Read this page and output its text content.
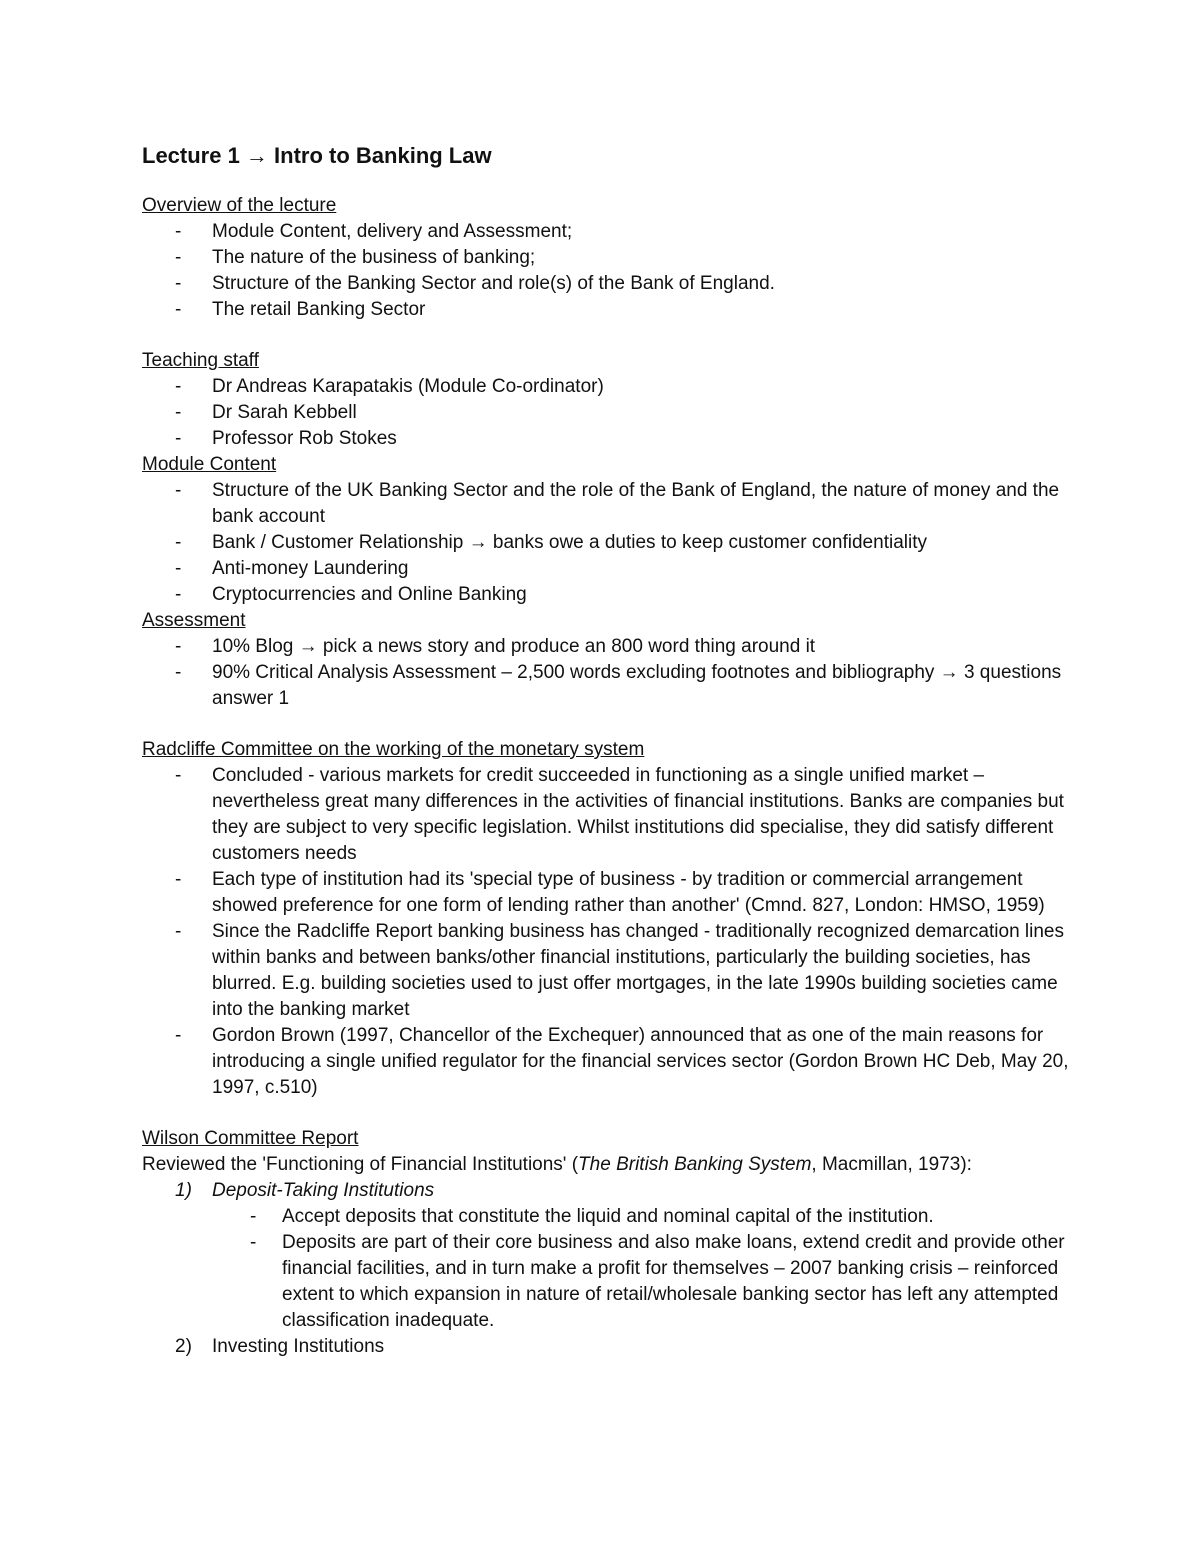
Lecture 1 → Intro to Banking Law
Overview of the lecture
- Module Content, delivery and Assessment;
- The nature of the business of banking;
- Structure of the Banking Sector and role(s) of the Bank of England.
- The retail Banking Sector
Teaching staff
- Dr Andreas Karapatakis (Module Co-ordinator)
- Dr Sarah Kebbell
- Professor Rob Stokes
Module Content
- Structure of the UK Banking Sector and the role of the Bank of England, the nature of money and the bank account
- Bank / Customer Relationship → banks owe a duties to keep customer confidentiality
- Anti-money Laundering
- Cryptocurrencies and Online Banking
Assessment
- 10% Blog → pick a news story and produce an 800 word thing around it
- 90% Critical Analysis Assessment – 2,500 words excluding footnotes and bibliography → 3 questions answer 1
Radcliffe Committee on the working of the monetary system
- Concluded - various markets for credit succeeded in functioning as a single unified market – nevertheless great many differences in the activities of financial institutions. Banks are companies but they are subject to very specific legislation. Whilst institutions did specialise, they did satisfy different customers needs
- Each type of institution had its 'special type of business - by tradition or commercial arrangement showed preference for one form of lending rather than another' (Cmnd. 827, London: HMSO, 1959)
- Since the Radcliffe Report banking business has changed - traditionally recognized demarcation lines within banks and between banks/other financial institutions, particularly the building societies, has blurred. E.g. building societies used to just offer mortgages, in the late 1990s building societies came into the banking market
- Gordon Brown (1997, Chancellor of the Exchequer) announced that as one of the main reasons for introducing a single unified regulator for the financial services sector (Gordon Brown HC Deb, May 20, 1997, c.510)
Wilson Committee Report

Reviewed the 'Functioning of Financial Institutions' (The British Banking System, Macmillan, 1973):

1) Deposit-Taking Institutions
- Accept deposits that constitute the liquid and nominal capital of the institution.
- Deposits are part of their core business and also make loans, extend credit and provide other financial facilities, and in turn make a profit for themselves – 2007 banking crisis – reinforced extent to which expansion in nature of retail/wholesale banking sector has left any attempted classification inadequate.
2) Investing Institutions
